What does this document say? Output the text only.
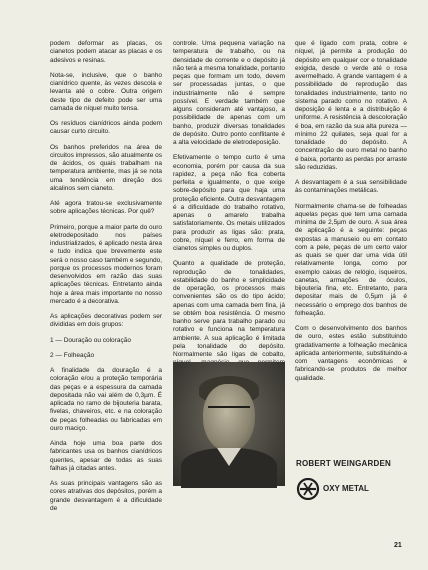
podem deformar as placas, os cianetos podem atacar as placas e os adesivos e resinas.

Nota-se, inclusive, que o banho cianídrico quente, às vezes descola e levanta até o cobre. Outra origem deste tipo de defeito pode ser uma camada de níquel muito tensa.

Os resíduos cianídricos ainda podem causar curto circuito.

Os banhos preferidos na área de circuitos impressos, são atualmente os de ácidos, os quais trabalham na temperatura ambiente, mas já se nota uma tendência em direção dos alcalinos sem cianeto.

Até agora tratou-se exclusivamente sobre aplicações técnicas. Por quê?

Primeiro, porque a maior parte do ouro eletrodepositado nos países industrializados, é aplicado nesta área e tudo indica que brevemente este será o nosso caso também e segundo, porque os processos modernos foram desenvolvidos em razão das suas aplicações técnicas. Entretanto ainda hoje a área mais importante no nosso mercado é a decorativa.

As aplicações decorativas podem ser divididas em dois grupos:

1 — Douração ou coloração

2 — Folheação

A finalidade da douração é a coloração e/ou a proteção temporária das peças e a espessura da camada depositada não vai além de 0,3µm. É aplicada no ramo de bijouteria barata, fivelas, chaveiros, etc. e na coloração de peças folheadas ou fabricadas em ouro maciço.

Ainda hoje uma boa parte dos fabricantes usa os banhos cianídricos quentes, apesar de todas as suas falhas já citadas antes.

As suas principais vantagens são as cores atrativas dos depósitos, porém a grande desvantagem é a dificuldade de

controle. Uma pequena variação na temperatura de trabalho, ou na densidade de corrente e o depósito já não terá a mesma tonalidade, portanto peças que formam um todo, devem ser processadas juntas, o que industrialmente não é sempre possível. E verdade também que alguns consideram até vantajoso, a possibilidade de apenas com um banho, produzir diversas tonalidades de depósito. Outro ponto conflitante é a alta velocidade de eletrodeposição.

Efetivamente o tempo curto é uma economia, porém por causa da sua rapidez, a peça não fica coberta perfeita e igualmente, o que exige sobre-depósito para que haja uma proteção eficiente. Outra desvantagem é a dificuldade do trabalho rotativo, apenas o amarelo trabalha satisfatoriamente. Os metais utilizados para produzir as ligas são: prata, cobre, níquel e ferro, em forma de cianetos simples ou duplos.

Quanto a qualidade de proteção, reprodução de tonalidades, estabilidade do banho e simplicidade de operação, os processos mais convenientes são os do tipo ácido; apenas com uma camada bem fina, já se obtém boa resistência. O mesmo banho serve para trabalho parado ou rotativo e funciona na temperatura ambiente. A sua aplicação é limitada pela tonalidade do depósito. Normalmente são ligas de cobalto,

que é ligado com prata, cobre e níquel, já permite a produção do depósito em qualquer cor e tonalidade exigida, desde o verde até o rosa avermelhado. A grande vantagem é a possibilidade de reprodução das tonalidades industrialmente, tanto no sistema parado como no rotativo. A deposição é lenta e a distribuição é uniforme. A resistência à descoloração é boa, em razão da sua alta pureza — mínimo 22 quilates, seja qual for a tonalidade do depósito. A concentração de ouro metal no banho é baixa, portanto as perdas por arraste são reduzidas.

A desvantagem é a sua sensibilidade às contaminações metálicas.

Normalmente chama-se de folheadas aquelas peças que tem uma camada mínima de 2,5µm de ouro. A sua área de aplicação é a seguinte: peças expostas a manuseio ou em contato com a pele, peças de um certo valor as quais se quer dar uma vida útil relativamente longa, como por exemplo caixas de relógio, isqueiros, canetas, armações de óculos, bijouteria fina, etc. Entretanto, para depositar mais de 0,5µm já é necessário o emprego dos banhos de folheação.

Com o desenvolvimento dos banhos de ouro, estes estão substituindo gradativamente a folheação mecânica aplicada anteriormente, substituindo-a com vantagens econômicas e fabricando-se produtos de melhor qualidade.

ROBERT WEINGARDEN
OXY METAL
21
